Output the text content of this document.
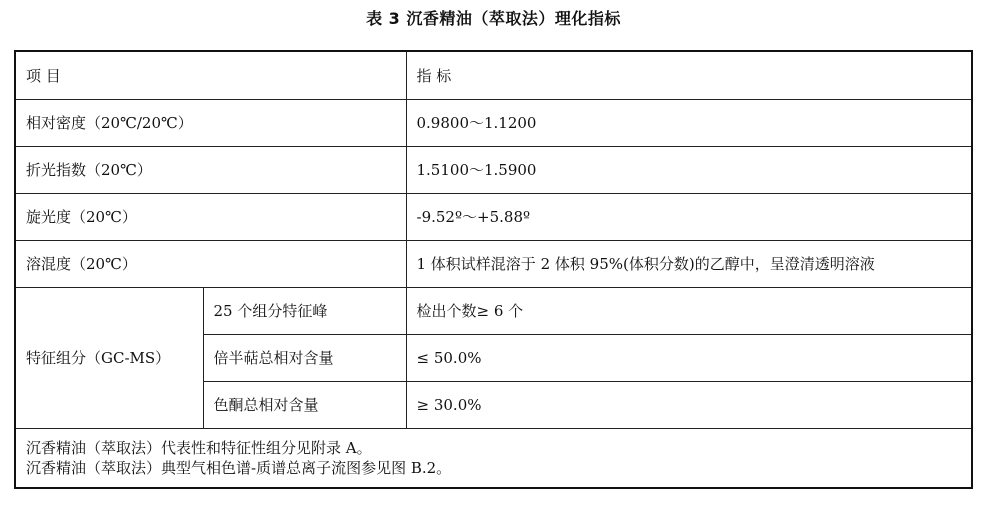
表 3 沉香精油（萃取法）理化指标
项 目		指 标
相对密度（20℃/20℃）		0.9800～1.1200
折光指数（20℃）		1.5100～1.5900
旋光度（20℃）		-9.52º～+5.88º
溶混度（20℃）		1 体积试样混溶于 2 体积 95%(体积分数)的乙醇中，呈澄清透明溶液
特征组分（GC-MS）	25 个组分特征峰	检出个数≥ 6 个
	倍半萜总相对含量	≤ 50.0%
	色酮总相对含量	≥ 30.0%

沉香精油（萃取法）代表性和特征性组分见附录 A。
沉香精油（萃取法）典型气相色谱-质谱总离子流图参见图 B.2。		
